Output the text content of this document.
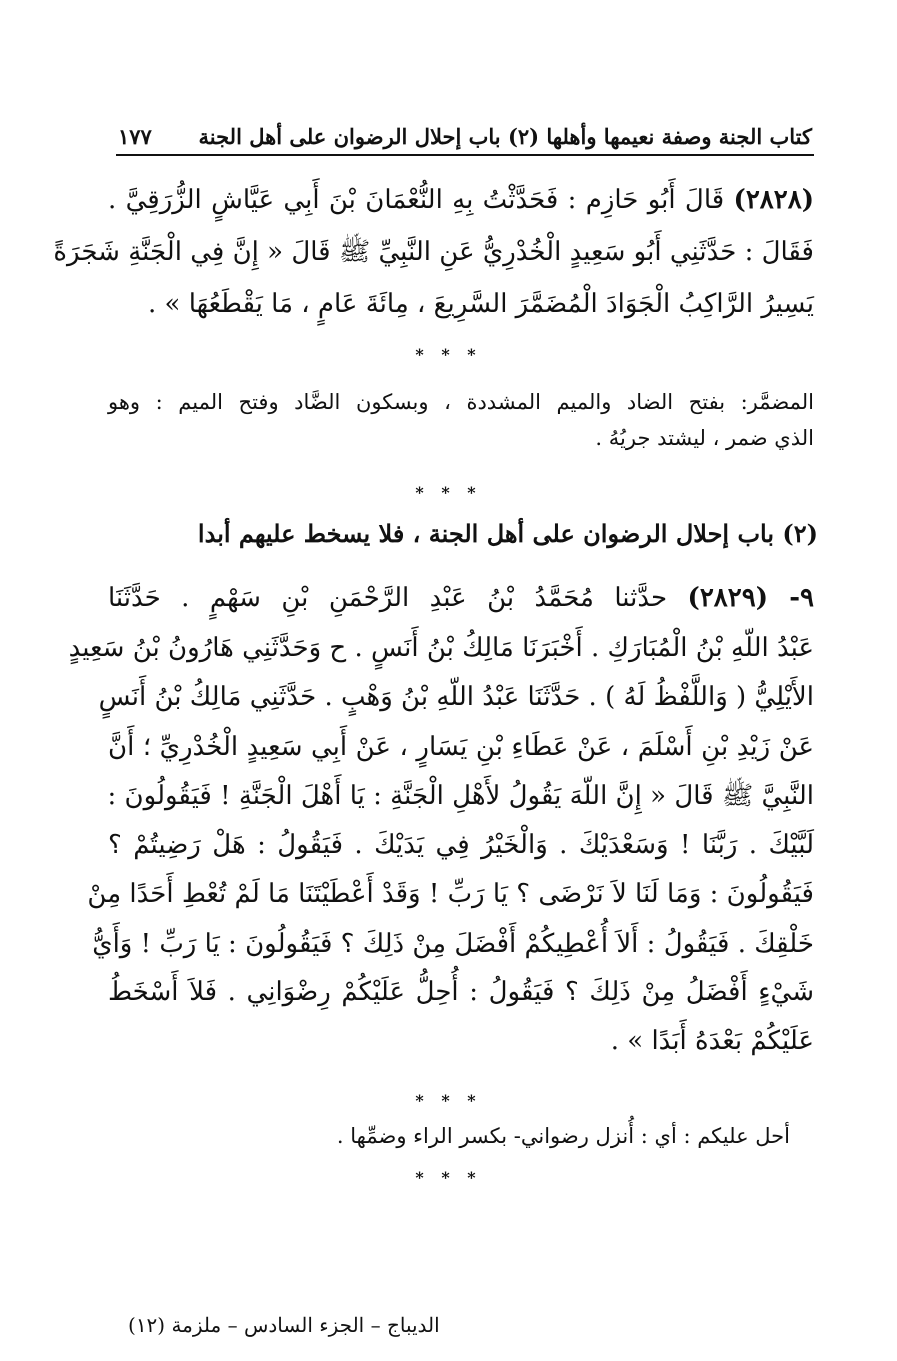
كتاب الجنة وصفة نعيمها وأهلها (٢) باب إحلال الرضوان على أهل الجنة
١٧٧
(٢٨٢٨) قَالَ أَبُو حَازِم : فَحَدَّثْتُ بِهِ النُّعْمَانَ بْنَ أَبِي عَيَّاشٍ الزُّرَقِيَّ .
فَقَالَ : حَدَّثَنِي أَبُو سَعِيدٍ الْخُدْرِيُّ عَنِ النَّبِيِّ ﷺ قَالَ « إِنَّ فِي الْجَنَّةِ شَجَرَةً
يَسِيرُ الرَّاكِبُ الْجَوَادَ الْمُضَمَّرَ السَّرِيعَ ، مِائَةَ عَامٍ ، مَا يَقْطَعُهَا » .
* * *
المضمَّر: بفتح الضاد والميم المشددة ، وبسكون الضَّاد وفتح الميم : وهو
الذي ضمر ، ليشتد جريُهُ .
* * *
(٢) باب إحلال الرضوان على أهل الجنة ، فلا يسخط عليهم أبدا
٩- (٢٨٢٩) حدَّثنا مُحَمَّدُ بْنُ عَبْدِ الرَّحْمَنِ بْنِ سَهْمٍ . حَدَّثَنَا
عَبْدُ اللّهِ بْنُ الْمُبَارَكِ . أَخْبَرَنَا مَالِكُ بْنُ أَنَسٍ . ح وَحَدَّثَنِي هَارُونُ بْنُ سَعِيدٍ
الأَيْلِيُّ ( وَاللَّفْظُ لَهُ ) . حَدَّثَنَا عَبْدُ اللّهِ بْنُ وَهْبٍ . حَدَّثَنِي مَالِكُ بْنُ أَنَسٍ
عَنْ زَيْدِ بْنِ أَسْلَمَ ، عَنْ عَطَاءِ بْنِ يَسَارٍ ، عَنْ أَبِي سَعِيدٍ الْخُدْرِيِّ ؛ أَنَّ
النَّبِيَّ ﷺ قَالَ « إِنَّ اللّهَ يَقُولُ لأَهْلِ الْجَنَّةِ : يَا أَهْلَ الْجَنَّةِ ! فَيَقُولُونَ :
لَبَّيْكَ . رَبَّنَا ! وَسَعْدَيْكَ . وَالْخَيْرُ فِي يَدَيْكَ . فَيَقُولُ : هَلْ رَضِيتُمْ ؟
فَيَقُولُونَ : وَمَا لَنَا لاَ نَرْضَى ؟ يَا رَبِّ ! وَقَدْ أَعْطَيْتَنَا مَا لَمْ تُعْطِ أَحَدًا مِنْ
خَلْقِكَ . فَيَقُولُ : أَلاَ أُعْطِيكُمْ أَفْضَلَ مِنْ ذَلِكَ ؟ فَيَقُولُونَ : يَا رَبِّ ! وَأَيُّ
شَيْءٍ أَفْضَلُ مِنْ ذَلِكَ ؟ فَيَقُولُ : أُحِلُّ عَلَيْكُمْ رِضْوَانِي . فَلاَ أَسْخَطُ
عَلَيْكُمْ بَعْدَهُ أَبَدًا » .
* * *
أحل عليكم : أي : أُنزل رضواني- بكسر الراء وضمِّها .
* * *
الديباج – الجزء السادس – ملزمة (١٢)
